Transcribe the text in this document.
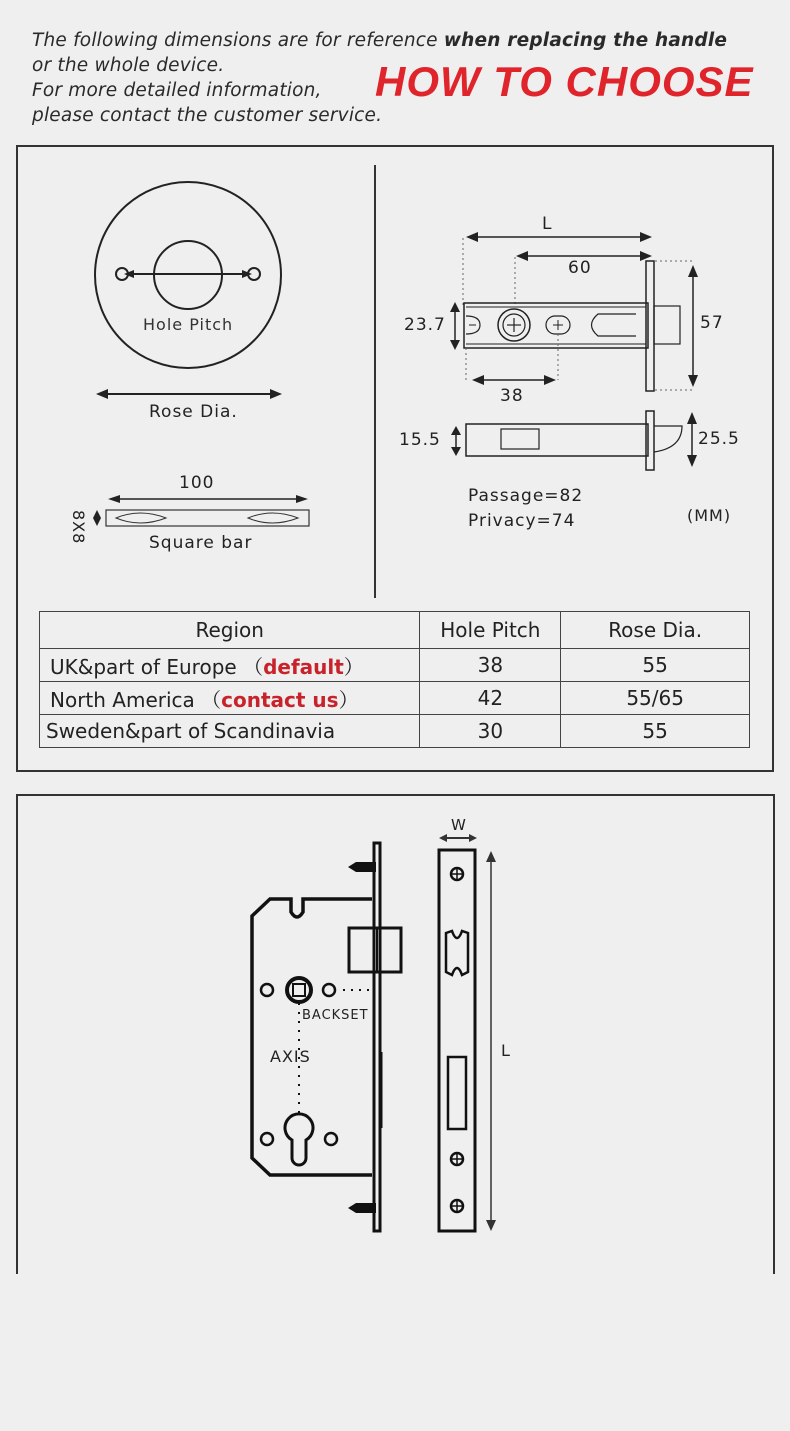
The following dimensions are for reference when replacing the handle
or the whole device.
For more detailed information,
please contact the customer service.
HOW TO CHOOSE
Hole Pitch
Rose Dia.
100
8X8	Square bar
L
60
23.7	57
38
15.5	25.5
Passage=82
Privacy=74	(MM)
Region	Hole Pitch	Rose Dia.
UK&part of Europe （default）	38	55
North America （contact us）	42	55/65
Sweden&part of Scandinavia	30	55
W
L
BACKSET
AXIS
